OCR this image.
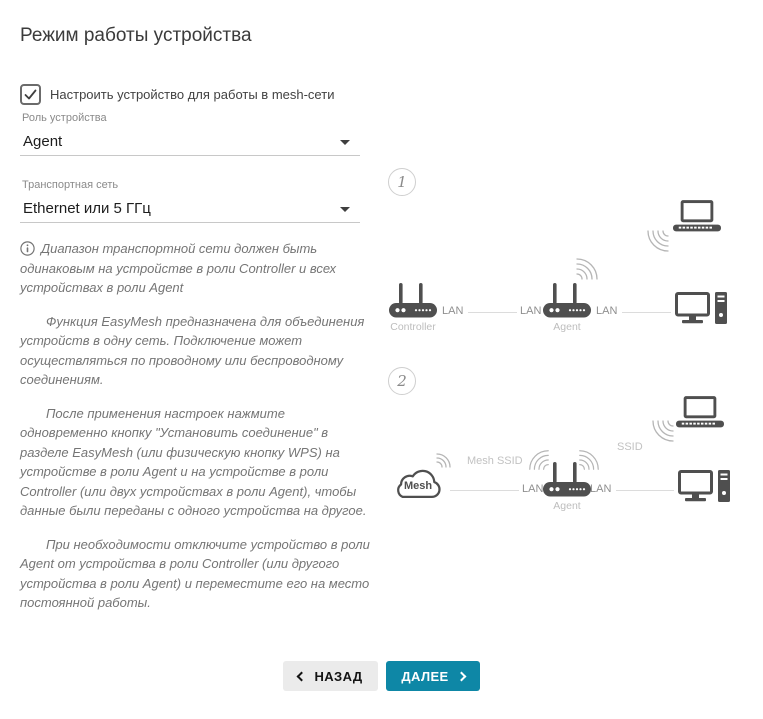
Режим работы устройства
Настроить устройство для работы в mesh-сети
Роль устройства
Agent
Транспортная сеть
Ethernet или 5 ГГц

Диапазон транспортной сети должен быть одинаковым на устройстве в роли Controller и всех устройствах в роли Agent

Функция EasyMesh предназначена для объединения устройств в одну сеть. Подключение может осуществляться по проводному или беспроводному соединениям.

После применения настроек нажмите одновременно кнопку "Установить соединение" в разделе EasyMesh (или физическую кнопку WPS) на устройстве в роли Agent и на устройстве в роли Controller (или двух устройствах в роли Agent), чтобы данные были переданы с одного устройства на другое.

При необходимости отключите устройство в роли Agent от устройства в роли Controller (или другого устройства в роли Agent) и переместите его на место постоянной работы.

1
Controller
LAN	LAN
Agent
LAN
2
SSID
Mesh
Mesh SSID
LAN
Agent
LAN
НАЗАД	ДАЛЕЕ
